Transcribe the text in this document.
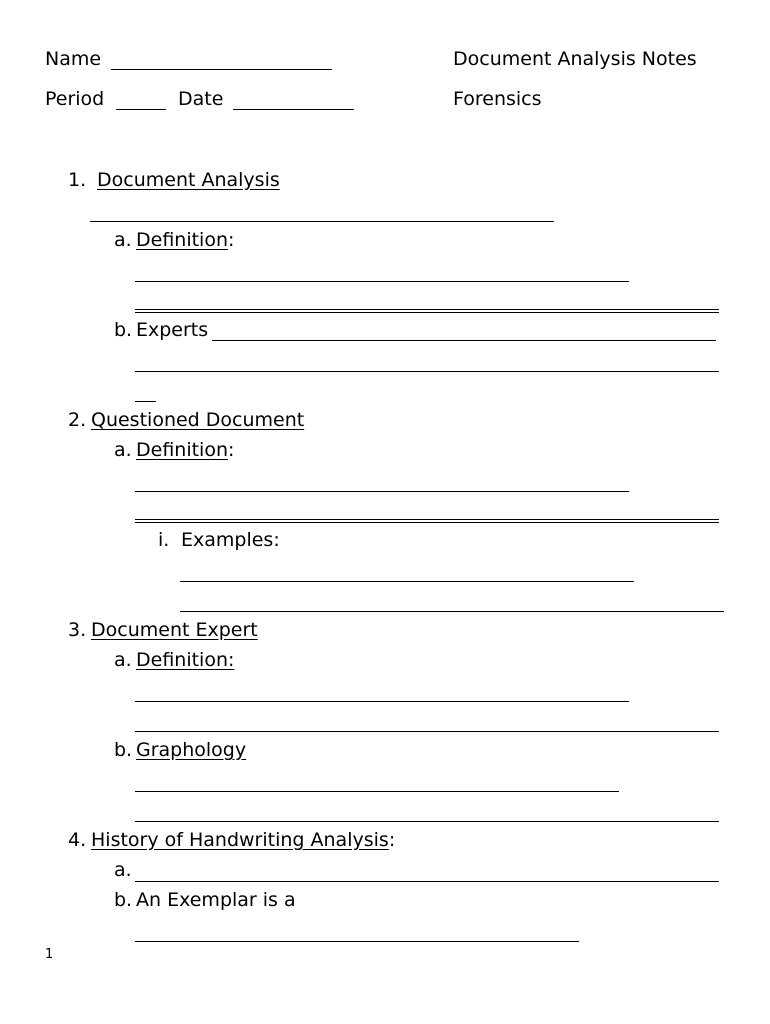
Name
Period	Date
Document Analysis Notes
Forensics
1. Document Analysis
a. Definition:
b. Experts
2. Questioned Document
a. Definition:
i. Examples:
3. Document Expert
a. Definition:
b. Graphology
4. History of Handwriting Analysis:
a.
b. An Exemplar is a
1
